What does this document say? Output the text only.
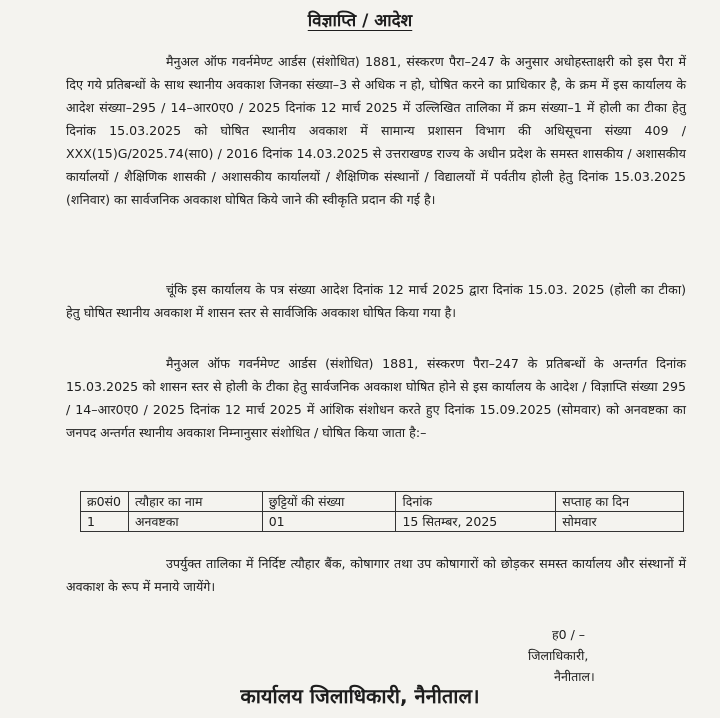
विज्ञाप्ति / आदेश

मैनुअल ऑफ गवर्नमेण्ट आर्डस (संशोधित) 1881, संस्करण पैरा–247 के अनुसार अधोहस्ताक्षरी को इस पैरा में दिए गये प्रतिबन्धों के साथ स्थानीय अवकाश जिनका संख्या–3 से अधिक न हो, घोषित करने का प्राधिकार है, के क्रम में इस कार्यालय के आदेश संख्या–295 / 14–आर0ए0 / 2025 दिनांक 12 मार्च 2025 में उल्लिखित तालिका में क्रम संख्या–1 में होली का टीका हेतु दिनांक 15.03.2025 को घोषित स्थानीय अवकाश में सामान्य प्रशासन विभाग की अधिसूचना संख्या 409 / XXX(15)G/2025.74(सा0) / 2016 दिनांक 14.03.2025 से उत्तराखण्ड राज्य के अधीन प्रदेश के समस्त शासकीय / अशासकीय कार्यालयों / शैक्षिणिक शासकी / अशासकीय कार्यालयों / शैक्षिणिक संस्थानों / विद्यालयों में पर्वतीय होली हेतु दिनांक 15.03.2025 (शनिवार) का सार्वजनिक अवकाश घोषित किये जाने की स्वीकृति प्रदान की गई है।

चूंकि इस कार्यालय के पत्र संख्या आदेश दिनांक 12 मार्च 2025 द्वारा दिनांक 15.03. 2025 (होली का टीका) हेतु घोषित स्थानीय अवकाश में शासन स्तर से सार्वजिकि अवकाश घोषित किया गया है।

मैनुअल ऑफ गवर्नमेण्ट आर्डस (संशोधित) 1881, संस्करण पैरा–247 के प्रतिबन्धों के अन्तर्गत दिनांक 15.03.2025 को शासन स्तर से होली के टीका हेतु सार्वजनिक अवकाश घोषित होने से इस कार्यालय के आदेश / विज्ञाप्ति संख्या 295 / 14–आर0ए0 / 2025 दिनांक 12 मार्च 2025 में आंशिक संशोधन करते हुए दिनांक 15.09.2025 (सोमवार) को अनवष्टका का जनपद अन्तर्गत स्थानीय अवकाश निम्नानुसार संशोधित / घोषित किया जाता है:–

क्र0सं0	त्यौहार का नाम	छुट्टियों की संख्या	दिनांक	सप्ताह का दिन
1	अनवष्टका	01	15 सितम्बर, 2025	सोमवार

उपर्युक्त तालिका में निर्दिष्ट त्यौहार बैंक, कोषागार तथा उप कोषागारों को छोड़कर समस्त कार्यालय और संस्थानों में अवकाश के रूप में मनाये जायेंगे।

ह0 / –
जिलाधिकारी,
नैनीताल।
कार्यालय जिलाधिकारी, नैनीताल।
